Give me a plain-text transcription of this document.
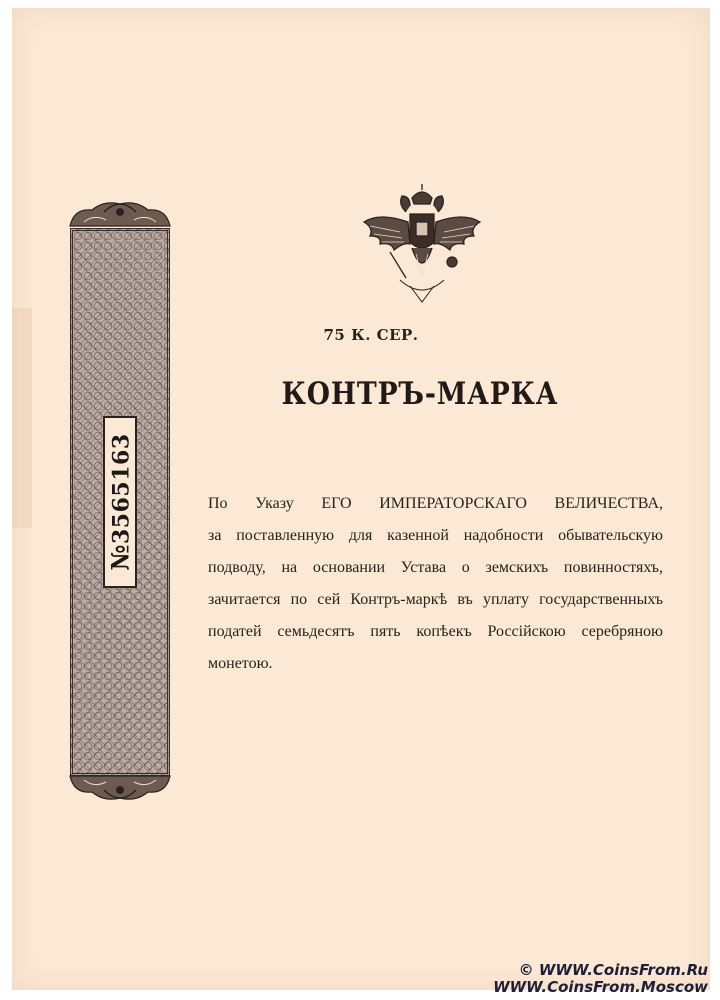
№3565163
75 К. СЕР.
КОНТРЪ-МАРКА
По Указу ЕГО ИМПЕРАТОРСКАГО ВЕЛИЧЕСТВА,
за поставленную для казенной надобности обывательскую
подводу, на основании Устава о земскихъ повинностяхъ,
зачитается по сей Контръ-маркѣ въ уплату государственныхъ
податей семьдесятъ пять копѣекъ Россiйскою серебряною
монетою.
© WWW.CoinsFrom.Ru
WWW.CoinsFrom.Moscow
